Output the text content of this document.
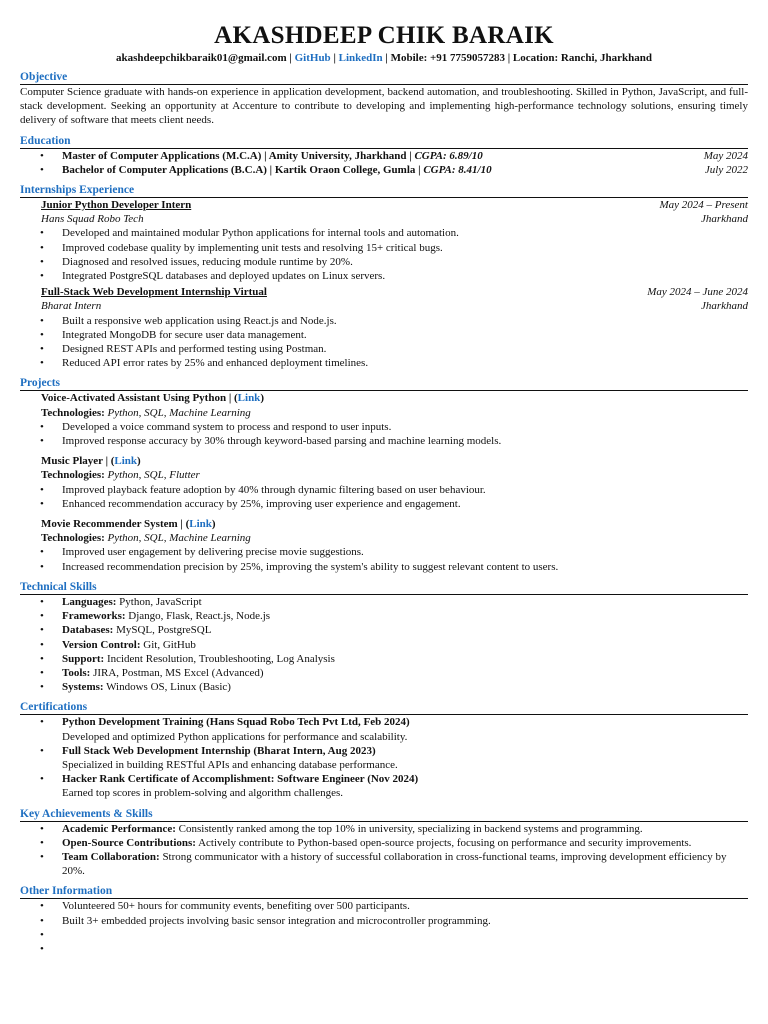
AKASHDEEP CHIK BARAIK
akashdeepchikbaraik01@gmail.com | GitHub | LinkedIn | Mobile: +91 7759057283 | Location: Ranchi, Jharkhand
Objective

Computer Science graduate with hands-on experience in application development, backend automation, and troubleshooting. Skilled in Python, JavaScript, and full-stack development. Seeking an opportunity at Accenture to contribute to developing and implementing high-performance technology solutions, ensuring timely delivery of software that meets client needs.

Education
• Master of Computer Applications (M.C.A) | Amity University, Jharkhand | CGPA: 6.89/10	May 2024
• Bachelor of Computer Applications (B.C.A) | Kartik Oraon College, Gumla | CGPA: 8.41/10	July 2022
Internships Experience
Junior Python Developer Intern	May 2024 – Present
Hans Squad Robo Tech	Jharkhand
• Developed and maintained modular Python applications for internal tools and automation.
• Improved codebase quality by implementing unit tests and resolving 15+ critical bugs.
• Diagnosed and resolved issues, reducing module runtime by 20%.
• Integrated PostgreSQL databases and deployed updates on Linux servers.
Full-Stack Web Development Internship Virtual	May 2024 – June 2024
Bharat Intern	Jharkhand
• Built a responsive web application using React.js and Node.js.
• Integrated MongoDB for secure user data management.
• Designed REST APIs and performed testing using Postman.
• Reduced API error rates by 25% and enhanced deployment timelines.
Projects
Voice-Activated Assistant Using Python | (Link)
Technologies: Python, SQL, Machine Learning
• Developed a voice command system to process and respond to user inputs.
• Improved response accuracy by 30% through keyword-based parsing and machine learning models.
Music Player | (Link)
Technologies: Python, SQL, Flutter
• Improved playback feature adoption by 40% through dynamic filtering based on user behaviour.
• Enhanced recommendation accuracy by 25%, improving user experience and engagement.
Movie Recommender System | (Link)
Technologies: Python, SQL, Machine Learning
• Improved user engagement by delivering precise movie suggestions.
• Increased recommendation precision by 25%, improving the system's ability to suggest relevant content to users.
Technical Skills
• Languages: Python, JavaScript
• Frameworks: Django, Flask, React.js, Node.js
• Databases: MySQL, PostgreSQL
• Version Control: Git, GitHub
• Support: Incident Resolution, Troubleshooting, Log Analysis
• Tools: JIRA, Postman, MS Excel (Advanced)
• Systems: Windows OS, Linux (Basic)
Certifications
• Python Development Training (Hans Squad Robo Tech Pvt Ltd, Feb 2024)
Developed and optimized Python applications for performance and scalability.
• Full Stack Web Development Internship (Bharat Intern, Aug 2023)
Specialized in building RESTful APIs and enhancing database performance.
• Hacker Rank Certificate of Accomplishment: Software Engineer (Nov 2024)
Earned top scores in problem-solving and algorithm challenges.
Key Achievements & Skills
• Academic Performance: Consistently ranked among the top 10% in university, specializing in backend systems and programming.
• Open-Source Contributions: Actively contribute to Python-based open-source projects, focusing on performance and security improvements.
• Team Collaboration: Strong communicator with a history of successful collaboration in cross-functional teams, improving development efficiency by 20%.
Other Information
• Volunteered 50+ hours for community events, benefiting over 500 participants.
• Built 3+ embedded projects involving basic sensor integration and microcontroller programming.
•
•
